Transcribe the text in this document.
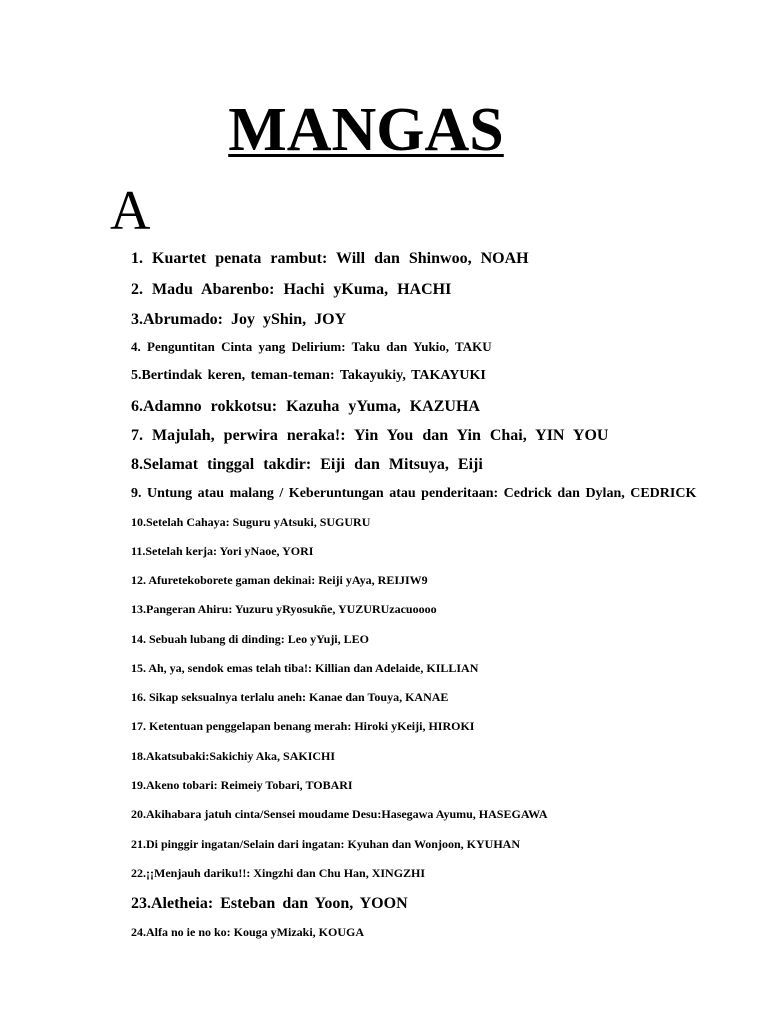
MANGAS
A
1. Kuartet penata rambut: Will dan Shinwoo, NOAH
2. Madu Abarenbo: Hachi yKuma, HACHI
3.Abrumado: Joy yShin, JOY
4. Penguntitan Cinta yang Delirium: Taku dan Yukio, TAKU
5.Bertindak keren, teman-teman: Takayukiy, TAKAYUKI
6.Adamno rokkotsu: Kazuha yYuma, KAZUHA
7. Majulah, perwira neraka!: Yin You dan Yin Chai, YIN YOU
8.Selamat tinggal takdir: Eiji dan Mitsuya, Eiji
9. Untung atau malang / Keberuntungan atau penderitaan: Cedrick dan Dylan, CEDRICK
10.Setelah Cahaya: Suguru yAtsuki, SUGURU
11.Setelah kerja: Yori yNaoe, YORI
12. Afuretekoborete gaman dekinai: Reiji yAya, REIJIW9
13.Pangeran Ahiru: Yuzuru yRyosukñe, YUZURUzacuoooo
14. Sebuah lubang di dinding: Leo yYuji, LEO
15. Ah, ya, sendok emas telah tiba!: Killian dan Adelaide, KILLIAN
16. Sikap seksualnya terlalu aneh: Kanae dan Touya, KANAE
17. Ketentuan penggelapan benang merah: Hiroki yKeiji, HIROKI
18.Akatsubaki:Sakichiy Aka, SAKICHI
19.Akeno tobari: Reimeiy Tobari, TOBARI
20.Akihabara jatuh cinta/Sensei moudame Desu:Hasegawa Ayumu, HASEGAWA
21.Di pinggir ingatan/Selain dari ingatan: Kyuhan dan Wonjoon, KYUHAN
22.¡¡Menjauh dariku!!: Xingzhi dan Chu Han, XINGZHI
23.Aletheia: Esteban dan Yoon, YOON
24.Alfa no ie no ko: Kouga yMizaki, KOUGA
